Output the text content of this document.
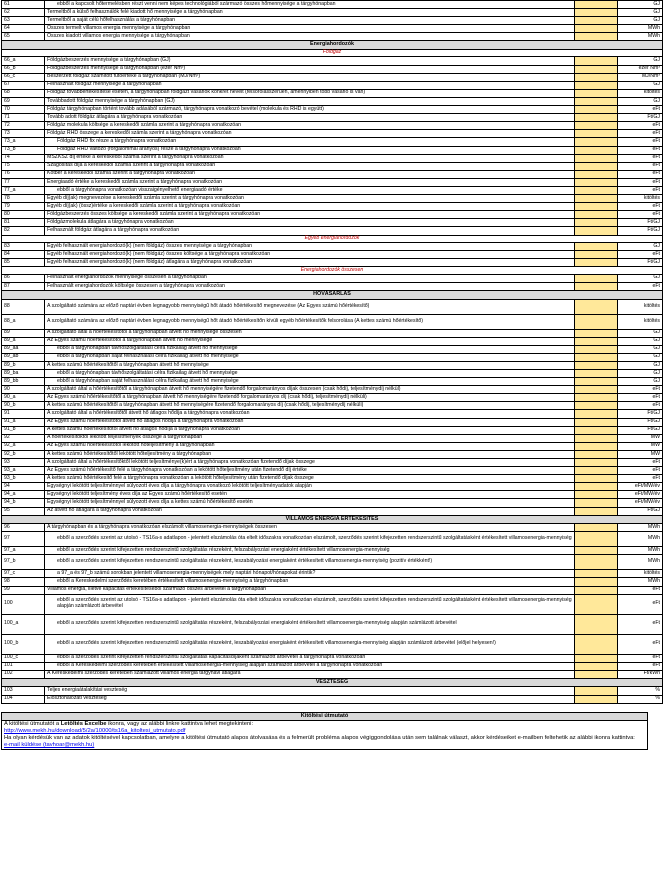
61	ebből a kapcsolt hőtermelésben részt venni nem képes technológiából származó összes hőmennyisége a tárgyhónapban		GJ
62	Termeltből a külső felhasználók felé kiadott hő mennyisége a tárgyhónapban		GJ
63	Termeltből a saját célú hőfelhasználás a tárgyhónapban		GJ
64	Összes termelt villamos energia mennyisége a tárgyhónapban		MWh
65	Összes kiadott villamos energia mennyisége a tárgyhónapban		MWh
Energiahordozók			
Földgáz			
66_a	Földgázbeszerzés mennyisége a tárgyhónapban (GJ)		GJ
66_b	Földgázbeszerzés mennyisége a tárgyhónapban (ezer Nm³)		ezer Nm³
66_c	Beszerzett földgáz számított fűtőértéke a tárgyhónapban (MJ/Nm³)		MJ/Nm³
67	Felhasznált földgáz mennyisége a tárgyhónapban		GJ
68	Földgáz továbbértékesítése esetén, a tárgyhónapban földgázt vásárlók konkrét neveit (felsorolásszerűen, amennyiben több vásárló is van)		kitöltés
69	Továbbadott földgáz mennyisége a tárgyhónapban (GJ)		GJ
70	Földgáz tárgyhónapban történt tovább adásából származó, tárgyhónapra vonatkozó bevétel (molekula és RHD is együtt)		eFt
71	Tovább adott földgáz átlagára a tárgyhónapra vonatkozóan		Ft/GJ
72	Földgáz molekula költsége a kereskedői számla szerint a tárgyhónapra vonatkozóan		eFt
73	Földgáz RHD összege a kereskedői számla szerint a tárgyhónapra vonatkozóan		eFt
73_a	Földgáz RHD fix része a tárgyhónapra vonatkozóan		eFt
73_b	Földgáz RHD változó (forgalommal arányos) része a tárgyhónapra vonatkozóan		eFt
74	MSZKSZ díj értéke a kereskedői számla szerint a tárgyhónapra vonatkozóan		eFt
75	Szagosítás díja a kereskedői számla szerint a tárgyhónapra vonatkozóan		eFt
76	Kötbér a kereskedői számla szerint a tárgyhónapra vonatkozóan		eFt
77	Energiaadó értéke a kereskedői számla szerint a tárgyhónapra vonatkozóan		eFt
77_a	ebből a tárgyhónapra vonatkozóan visszaigényelhető energiaadó értéke		eFt
78	Egyéb díj(ak) megnevezése a kereskedői számla szerint a tárgyhónapra vonatkozóan		kitöltés
79	Egyéb díj(ak) (össz)értéke a kereskedői számla szerint a tárgyhónapra vonatkozóan		eFt
80	Földgázbeszerzés összes költsége a kereskedői számla szerint a tárgyhónapra vonatkozóan		eFt
81	Földgázmolekula átlagára a tárgyhónapra vonatkozóan		Ft/GJ
82	Felhasznált földgáz átlagára a tárgyhónapra vonatkozóan		Ft/GJ
Egyéb energiahordozók			
83	Egyéb felhasznált energiahordozó(k) (nem földgáz) összes mennyisége a tárgyhónapban		GJ
84	Egyéb felhasznált energiahordozó(k) (nem földgáz) összes költsége a tárgyhónapra vonatkozóan		eFt
85	Egyéb felhasznált energiahordozó(k) (nem földgáz) átlagára a tárgyhónapra vonatkozóan		Ft/GJ
Energiahordozók összesen			
86	Felhasznált energiahordozók mennyisége összesen a tárgyhónapban		GJ
87	Felhasznált energiahordozók költsége összesen a tárgyhónapra vonatkozóan		eFt
HŐVÁSÁRLÁS			
88	A szolgáltató számára az előző naptári évben legnagyobb mennyiségű hőt átadó hőértékesítő megnevezése (Az Egyes számú hőértékesítő)		kitöltés
88_a	A szolgáltató számára az előző naptári évben legnagyobb mennyiségű hőt átadó hőértékesítőn kívüli egyéb hőértékesítők felsorolása (A kettes számú hőértékesítő)		kitöltés
89	A szolgáltató által a hőértékesítőtől a tárgyhónapban átvett hő mennyisége összesen		GJ
89_a	Az Egyes számú hőértékesítőtől a tárgyhónapban átvett hő mennyisége		GJ
89_aa	ebből a tárgyhónapban távhőszolgáltatási célra fizikailag átvett hő mennyisége		GJ
89_ab	ebből a tárgyhónapban saját felhasználási célra fizikailag átvett hő mennyisége		GJ
89_b	A kettes számú hőértékesítőtől a tárgyhónapban átvett hő mennyisége		GJ
89_ba	ebből a tárgyhónapban távhőszolgáltatási célra fizikailag átvett hő mennyisége		GJ
89_bb	ebből a tárgyhónapban saját felhasználási célra fizikailag átvett hő mennyisége		GJ
90	A szolgáltató által a hőértékesítőtől a tárgyhónapban átvett hő mennyiségére fizetendő forgalomarányos díjak összesen (csak hődíj, teljesítménydíj nélkül)		eFt
90_a	Az Egyes számú hőértékesítőtől a tárgyhónapban átvett hő mennyiségére fizetendő forgalomarányos díj (csak hődíj, teljesítménydíj nélküli)		eFt
90_b	A kettes számú hőértékesítőtől a tárgyhónapban átvett hő mennyiségére fizetendő forgalomarányos díj (csak hődíj, teljesítménydíj nélküli)		eFt
91	A szolgáltató által a hőértékesítőtől átvett hő átlagos hődíja a tárgyhónapra vonatkozóan		Ft/GJ
91_a	Az Egyes számú hőértékesítőtől átvett hő átlagos hődíja a tárgyhónapra vonatkozóan		Ft/GJ
91_b	A kettes számú hőértékesítőtől átvett hő átlagos hődíja a tárgyhónapra vonatkozóan		Ft/GJ
92	A hőértékesítőktől lekötött teljesítmények összege a tárgyhónapban		MW
92_a	Az Egyes számú hőértékesítőtől lekötött hőteljesítmény a tárgyhónapban		MW
92_b	A kettes számú hőértékesítőtől lekötött hőteljesítmény a tárgyhónapban		MW
93	A szolgáltató által a hőértékesítőktől lekötött teljesítménye(k)ért a tárgyhónapra vonatkozóan fizetendő díjak összege		eFt
93_a	Az Egyes számú hőértékesítő felé a tárgyhónapra vonatkozóan a lekötött hőteljesítmény után fizetendő díj értéke		eFt
93_b	A kettes számú hőértékesítő felé a tárgyhónapra vonatkozóan a lekötött hőteljesítmény után fizetendő díjak összege		eFt
94	Egységnyi lekötött teljesítménnyel súlyozott éves díja a tárgyhónapra vonatkozó lekötött teljesítményadatok alapján		eFt/MW/év
94_a	Egységnyi lekötött teljesítmény éves díja az Egyes számú hőértékesítő esetén		eFt/MW/év
94_b	Egységnyi lekötött teljesítménnyel súlyozott éves díja a kettes számú hőértékesítő esetén		eFt/MW/év
95	Az átvett hő átlagára a tárgyhónapra vonatkozóan		Ft/GJ
VILLAMOS ENERGIA ÉRTÉKESÍTÉS			
96	A tárgyhónapban és a tárgyhónapra vonatkozóan elszámolt villamosenergia-mennyiségek összesen		MWh
97	ebből a szerződés szerint az utolsó - TS16a-s adatlapon - jelentett elszámolás óta eltelt időszakra vonatkozóan elszámolt, szerződés szerint kifejezetten rendszerszintű szolgáltatásként értékesített villamosenergia-mennyiség		MWh
97_a	ebből a szerződés szerint kifejezetten rendszerszintű szolgáltatás részeként, felszabályozási energiaként értékesített villamosenergia-mennyiség		MWh
97_b	ebből a szerződés szerint kifejezetten rendszerszintű szolgáltatás részeként, leszabályozási energiaként értékesített villamosenergia-mennyiség (pozitív értékként!)		MWh
97_c	a 97_a és 97_b számú sorokban jelentett villamosenergia-mennyiségek mely naptári hónapot/hónapokat érintik?		kitöltés
98	ebből a Kereskedelmi szerződés keretében értékesített villamosenergia-mennyiség a tárgyhónapban		MWh
99	Villamos energia, illetve kapacitás értékesítéséből származó összes árbevétel a tárgyhónapban		eFt
100	ebből a szerződés szerint az utolsó - TS16a-s adatlapon - jelentett elszámolás óta eltelt időszakra vonatkozóan elszámolt, szerződés szerint kifejezetten rendszerszintű szolgáltatásként értékesített villamosenergia-mennyiség alapján számlázott árbevétel		eFt
100_a	ebből a szerződés szerint kifejezetten rendszerszintű szolgáltatás részeként, felszabályozási energiaként értékesített villamosenergia-mennyiség alapján számlázott árbevétel		eFt
100_b	ebből a szerződés szerint kifejezetten rendszerszintű szolgáltatás részeként, leszabályozási energiaként értékesített villamosenergia-mennyiség alapján számlázott árbevétel (előjel helyesen!)		eFt
100_c	ebből a szerződés szerint kifejezetten rendszerszintű szolgáltatás kapacitásdíjaként számlázott árbevétel a tárgyhónapra vonatkozóan		eFt
101	ebből a Kereskedelmi szerződés keretében értékesített villamosenergia-mennyiség alapján számlázott árbevétel a tárgyhónapra vonatkozóan		eFt
102	A Kereskedelmi szerződés keretében számlázott villamos energia tárgyhavi átlagára		Ft/kWh
VESZTESÉG			
103	Teljes energiaátalakítási veszteség		%
104	Elosztóhálózati veszteség		%
Kitöltési útmutató
A kitöltési útmutatót a Letöltés Excelbe ikonra, vagy az alábbi linkre kattintva lehet megtekinteni:
http://www.mekh.hu/download/5/2a/10000/ts16a_kitoltesi_utmutato.pdf
Ha olyan kérdésük van az adatok kitöltésével kapcsolatban, amelyre a kitöltési útmutató alapos átolvasása és a felmerült probléma alapos végiggondolása után sem találnak választ, akkor kérdéseiket e-mailben feltehetik az alábbi ikonra kattintva:
e-mail küldése (tavhoar@mekh.hu)
